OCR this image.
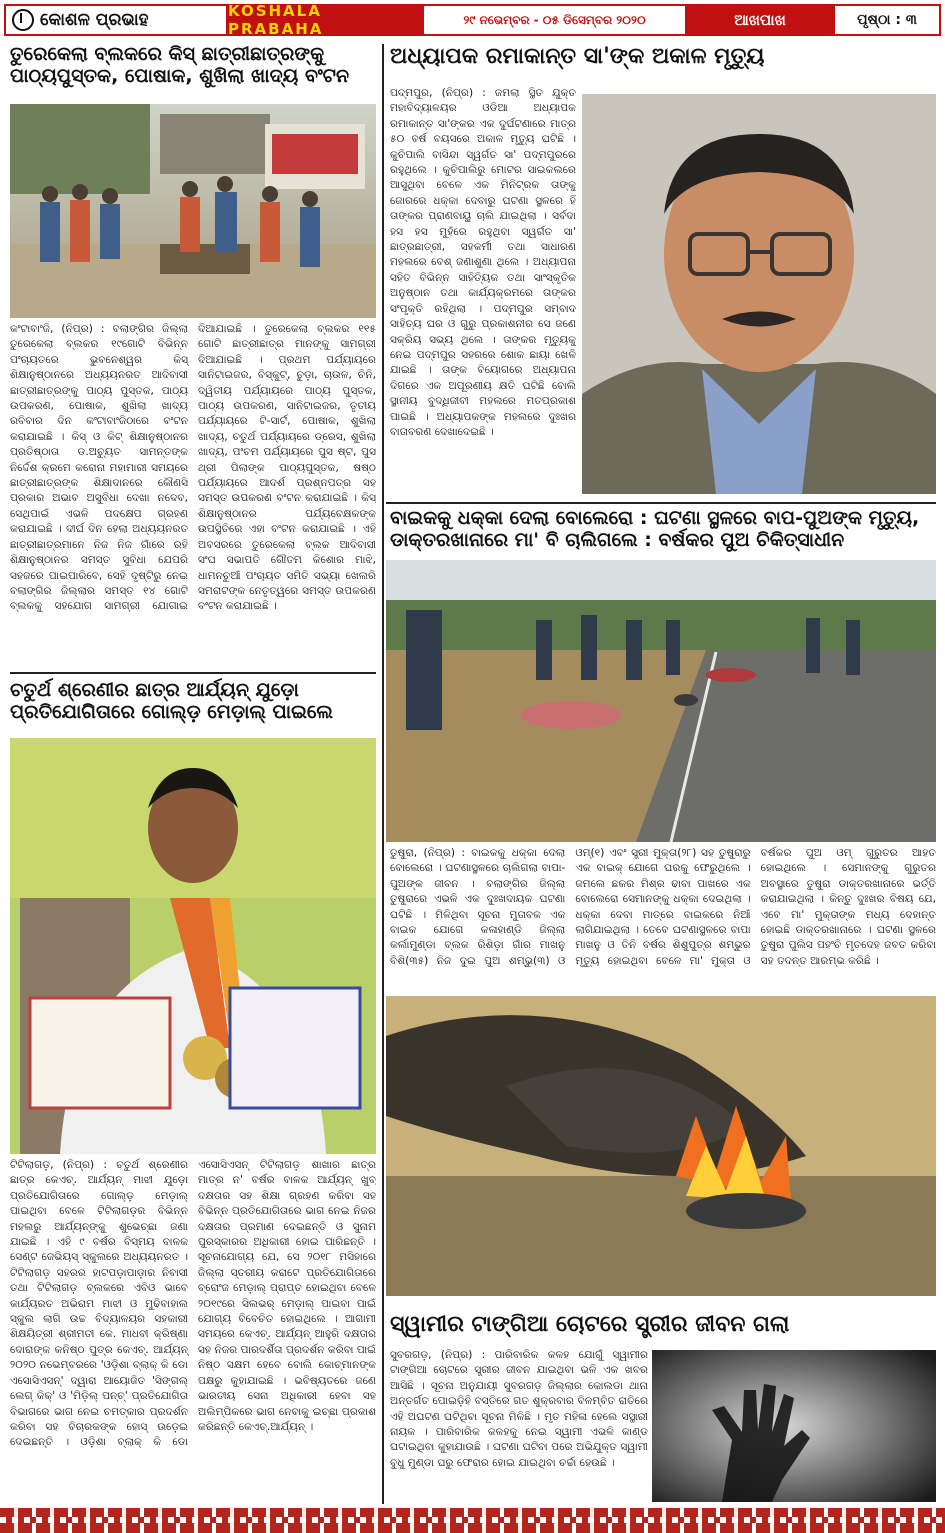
କୋଶଳ ପ୍ରଭାହ	KOSHALA PRABAHA
୨୯ ନଭେମ୍ବର - ୦୫ ଡିସେମ୍ବର ୨୦୨୦	ଆଖପାଖ	ପୃଷ୍ଠା : ୩
ତୁରେକେଲା ବ୍ଲକରେ କିସ୍ ଛାତ୍ରୀଛାତ୍ରଙ୍କୁ ପାଠ୍ୟପୁସ୍ତକ, ପୋଷାକ, ଶୁଖିଲା ଖାଦ୍ୟ ବଂଟନ
କଂଟାବାଂଜି, (ନିପ୍ର) : ବଲାଙ୍ଗିର ଜିଲ୍ଲା ତୁରେକେଲା ବ୍ଲକର ୧୯ଗୋଟି ବିଭିନ୍ନ ପଂଚାୟତରେ ଭୁବନେଶ୍ୱର କିସ୍ ଶିକ୍ଷାନୁଷ୍ଠାନରେ ଅଧ୍ୟୟନରତ ଆଦିବାସୀ ଛାତ୍ରୀଛାତ୍ରଙ୍କୁ ପାଠ୍ୟ ପୁସ୍ତକ, ପାଠ୍ୟ ଉପକରଣ, ପୋଷାକ, ଶୁଖିଲା ଖାଦ୍ୟ ରବିବାର ଦିନ କଂଟାବାଂଜିଠାରେ ବଂଟନ କରାଯାଇଛି । କିସ୍ ଓ କିଟ୍ ଶିକ୍ଷାନୁଷ୍ଠାନର ପ୍ରତିଷ୍ଠାତା ଡ.ଅଚ୍ୟୁତ ସାମନ୍ତଙ୍କ ନିର୍ଦ୍ଦେଶ କ୍ରମେ କରୋନା ମହାମାରୀ ସମୟରେ ଛାତ୍ରୀଛାତ୍ରଙ୍କ ଶିକ୍ଷାଦାନରେ କୌଣସି ପ୍ରକାର ଅଭାବ ଅସୁବିଧା ଦେଖା ନଦେବ, ସେଥିପାଇଁ ଏଭଳି ପଦକ୍ଷେପ ଗ୍ରହଣ କରାଯାଇଛି । ଦୀର୍ଘ ଦିନ ହେଲା ଅଧ୍ୟୟନରତ ଛାତ୍ରୀଛାତ୍ରମାନେ ନିଜ ନିଜ ଗାଁରେ ରହି ଶିକ୍ଷାନୁଷ୍ଠାନର ସମସ୍ତ ସୁବିଧା ଯେପରି ସହଜରେ ପାଇପାରିବେ, ସେହି ଦୃଷ୍ଟିରୁ ନେଇ ବଲାଙ୍ଗିର ଜିଲ୍ଲାର ସମସ୍ତ ୧୪ ଗୋଟି ବ୍ଲକକୁ ସହଯୋଗ ସାମଗ୍ରୀ ଯୋଗାଇ ଦିଆଯାଇଛି । ତୁରେକେଲା ବ୍ଲକର ୧୧୫ ଗୋଟି ଛାତ୍ରୀଛାତ୍ର ମାନଙ୍କୁ ସାମଗ୍ରୀ ଦିଆଯାଇଛି । ପ୍ରଥମ ପର୍ଯ୍ୟାୟରେ ସାନିଟାଇଜର, ବିସ୍କୁଟ୍, ଚୁଡ଼ା, ଚାଉଳ, ଚିନି, ଦ୍ୱିତୀୟ ପର୍ଯ୍ୟାୟରେ ପାଠ୍ୟ ପୁସ୍ତକ, ପାଠ୍ୟ ଉପକରଣ, ସାନିଟାଇଜର, ତୃତୀୟ ପର୍ଯ୍ୟାୟରେ ଟି-ସାର୍ଟ, ପୋଷାକ, ଶୁଖିଲା ଖାଦ୍ୟ, ଚତୁର୍ଥ ପର୍ଯ୍ୟାୟରେ ଡ୍ରେସ, ଶୁଖିଲା ଖାଦ୍ୟ, ପଂଚମ ପର୍ଯ୍ୟାୟରେ ପୁସ ଷ୍ଟ, ପୁସ ଥ୍ରୀ ପିଲାଙ୍କ ପାଠ୍ୟପୁସ୍ତକ, ଷଷ୍ଠ ପର୍ଯ୍ୟାୟରେ ଆଦର୍ଶ ପ୍ରଶ୍ନପତ୍ର ସହ ସମସ୍ତ ଉପକରଣ ବଂଟନ କରାଯାଇଛି । କିସ୍ ଶିକ୍ଷାନୁଷ୍ଠାନର ପର୍ଯ୍ୟବେକ୍ଷକଙ୍କ ଉପସ୍ଥିତିରେ ଏହା ବଂଟନ କରାଯାଇଛି । ଏହି ଅବସରରେ ତୁରେକେଲା ବ୍ଲକ ଆଦିବାସୀ ସଂଘ ସଭାପତି ଗୌତମ କିଶୋର ମାଝି, ଧାମନଚୁଆଁ ପଂଚାୟତ ସମିତି ସଭ୍ୟା ଖେଲରି ସମରାଟଙ୍କ ନେତୃତ୍ୱରେ ସମସ୍ତ ଉପକରଣ ବଂଟନ କରାଯାଇଛି ।
ଅଧ୍ୟାପକ ରମାକାନ୍ତ ସା'ଙ୍କ ଅକାଳ ମୃତ୍ୟୁ
ପଦ୍ମପୁର, (ନିପ୍ର) : ଜମଲା ସ୍ଥିତ ଯୁକ୍ତ ମହାବିଦ୍ୟାଳୟର ଓଡିଆ ଅଧ୍ୟାପକ ରମାକାନ୍ତ ସା'ଙ୍କର ଏକ ଦୁର୍ଘଟଣାରେ ମାତ୍ର ୫୦ ବର୍ଷ ବୟସରେ ଅକାଳ ମୃତ୍ୟୁ ଘଟିଛି । କୁଚିପାଲି ବାସିନ୍ଦା ସ୍ୱର୍ଗତ ସା' ପଦ୍ମପୁରରେ ରହୁଥିଲେ । କୁଚିପାଲିରୁ ମୋଟର ସାଇକଲରେ ଆସୁଥିବା ବେଳେ ଏକ ମିନିଟ୍ରକ ତାଙ୍କୁ ଜୋରରେ ଧକ୍କା ଦେବାରୁ ଘଟଣା ସ୍ଥଳରେ ହିଁ ତାଙ୍କର ପ୍ରାଣବାୟୁ ଚାଲି ଯାଇଥିଲା । ସର୍ବଦା ହସ ହସ ମୁହଁରେ ରହୁଥିବା ସ୍ୱର୍ଗତ ସା' ଛାତ୍ରଛାତ୍ରୀ, ସହକର୍ମୀ ତଥା ସାଧାରଣ ମହଲରେ ବେଶ୍ ଜଣାଶୁଣା ଥିଲେ । ଅଧ୍ୟାପନା ସହିତ ବିଭିନ୍ନ ସାହିତ୍ୟିକ ତଥା ସାଂସ୍କୃତିକ ଅନୁଷ୍ଠାନ ତଥା କାର୍ଯ୍ୟକ୍ରମରେ ତାଙ୍କର ସଂପୃକ୍ତି ରହିଥିଲା । ପଦ୍ମପୁର ସମ୍ବାଦ ସାହିତ୍ୟ ଘର ଓ ଗୁରୁ ପ୍ରକାଶନୀର ସେ ଜଣେ ସକ୍ରିୟ ସଭ୍ୟ ଥିଲେ । ତାଙ୍କର ମୃତ୍ୟୁକୁ ନେଇ ପଦ୍ମପୁର ସହରରେ ଶୋକ ଛାୟା ଖେଳି ଯାଇଛି । ତାଙ୍କ ବିୟୋଗରେ ଅଧ୍ୟାପନା ଦିଗରେ ଏକ ଅପୂରଣୀୟ କ୍ଷତି ଘଟିଛି ବୋଲି ସ୍ଥାନୀୟ ବୁଦ୍ଧିଜୀବୀ ମହଲରେ ମତପ୍ରକାଶ ପାଇଛି । ଅଧ୍ୟାପକଙ୍କ ମହଲରେ ଦୁଃଖର ବାତାବରଣ ଦେଖାଦେଇଛି ।
ବାଇକକୁ ଧକ୍କା ଦେଲା ବୋଲେରୋ : ଘଟଣା ସ୍ଥଳରେ ବାପ-ପୁଅଙ୍କ ମୃତ୍ୟୁ, ଡାକ୍ତରଖାନାରେ ମା' ବି ଚାଲିଗଲେ : ବର୍ଷକର ପୁଅ ଚିକିତ୍ସାଧୀନ
ତୁଷୁରା, (ନିପ୍ର) : ବାଇକକୁ ଧକ୍କା ଦେଲା ବୋଲେରୋ । ଘଟଣାସ୍ଥଳରେ ଚାଲିଗଲା ବାପା-ପୁଅଙ୍କ ଜୀବନ । ବଲାଙ୍ଗିର ଜିଲ୍ଲା ତୁଷୁରାରେ ଏଭଳି ଏକ ଦୁଃଖଦାୟକ ଘଟଣା ଘଟିଛି । ମିଳିଥିବା ସୂଚନା ମୁତାବକ ଏକ ବାଇକ ଯୋଗେ କଳାହାଣ୍ଡି ଜିଲ୍ଲା କର୍ଲାମୁଣ୍ଡା ବ୍ଲକ ରିଶିଡ଼ା ଗାଁର ମାଖନୁ ବିଶି(୩୫) ନିଜ ଦୁଇ ପୁଅ ଶମ୍ଭୁ(୩) ଓ ଓମ୍(୧) ଏବଂ ସ୍ତ୍ରୀ ମୁକ୍ତା(୨୮) ସହ ତୁଷୁରାରୁ ଏକ ବାଇକ୍ ଯୋଗେ ଘରକୁ ଫେରୁଥିଲେ । ଜମଲେ ଛକର ମିଶ୍ର ଢାବା ପାଖରେ ଏକ ବୋଲେରୋ ସେମାନଙ୍କୁ ଧକ୍କା ଦେଇଥିଲା । ଧକ୍କା ଦେବା ମାତ୍ରେ ବାଇକରେ ନିଆଁ ଲାଗିଯାଇଥିଲା । ତେବେ ଘଟଣାସ୍ଥଳରେ ବାପା ମାଖନୁ ଓ ତିନି ବର୍ଷର ଶିଶୁପୁତ୍ର ଶମ୍ଭୁର ମୃତ୍ୟୁ ହୋଇଥିବା ବେଳେ ମା' ମୁକ୍ତା ଓ ବର୍ଷକର ପୁଅ ଓମ୍ ଗୁରୁତର ଆହତ ହୋଇଥିଲେ । ସେମାନଙ୍କୁ ଗୁରୁତର ଅବସ୍ଥାରେ ତୁଷୁରା ଡାକ୍ତରଖାନାରେ ଭର୍ତ୍ତି କରାଯାଇଥିଲା । କିନ୍ତୁ ଦୁଃଖର ବିଷୟ ଯେ, ଏବେ ମା' ମୁକ୍ତାଙ୍କ ମଧ୍ୟ ଦେହାନ୍ତ ହୋଇଛି ଡାକ୍ତରଖାନାରେ । ଘଟଣା ସ୍ଥଳରେ ତୁଷୁରା ପୁଲିସ ପହଂଚି ମୃତଦେହ ଜବତ କରିବା ସହ ତଦନ୍ତ ଆରମ୍ଭ କରିଛି ।
ଚତୁର୍ଥ ଶ୍ରେଣୀର ଛାତ୍ର ଆର୍ଯ୍ୟନ୍ ଯୁଡ଼ୋ ପ୍ରତିଯୋଗିତାରେ ଗୋଲ୍ଡ଼ ମେଡ଼ାଲ୍ ପାଇଲେ
ଟିଟିଲାଗଡ଼, (ନିପ୍ର) : ଚତୁର୍ଥ ଶ୍ରେଣୀର ଛାତ୍ର କେଏଚ୍. ଆର୍ଯ୍ୟନ୍ ମାଝୀ ଯୁଡ଼ୋ ପ୍ରତିଯୋଗିତାରେ ଗୋଲ୍ଡ଼ ମେଡ଼ାଲ୍ ପାଇଥିବା ବେଳେ ଟିଟିଲାଗଡ଼ର ବିଭିନ୍ନ ମହଲରୁ ଆର୍ଯ୍ୟନ୍‌ଙ୍କୁ ଶୁଭେଚ୍ଛା ଜଣା ଯାଇଛି । ଏହି ୯ ବର୍ଷର ବିସ୍ମୟ ବାଳକ ସେଣ୍ଟ ଜେଭିୟସ୍ ସ୍କୁଲରେ ଅଧ୍ୟୟନରତ । ଟିଟିଲାଗଡ଼ ସହରର ହାଟପଡ଼ାପାଡ଼ାର ନିବାସୀ ତଥା ଟିଟିଲାଗଡ଼ ବ୍ଲକରେ ଏବିଓ ଭାବେ କାର୍ଯ୍ୟରତ ଅଭିରାମ ମାଝୀ ଓ ମୁଢିବାହାଲ ସ୍କୁଲ ଲାଗି ଉଚ୍ଚ ବିଦ୍ୟାଳୟର ସହକାରୀ ଶିକ୍ଷୟିତ୍ରୀ ଶ୍ରୀମତୀ କେ. ମାଧବୀ କ୍ରିଷ୍ଣା ଦୋରାଙ୍କ କନିଷ୍ଠ ପୁତ୍ର କେଏଚ୍. ଆର୍ଯ୍ୟନ୍ ୨୦୨୦ ନଭେମ୍ବରରେ 'ଓଡ଼ିଶା ବ୍ଲାକ୍ କି ଡୋ ଏସୋସିଏସନ୍' ଦ୍ୱାରା ଆୟୋଜିତ 'ସିଙ୍ଗଲ୍ ଲେଗ୍ କିକ୍' ଓ 'ମିଡ଼ିଲ୍ ପନ୍ଚ୍' ପ୍ରତିଯୋଗିତା ବିଭାଗରେ ଭାଗ ନେଇ ଚମତ୍କାର ପ୍ରଦର୍ଶନ କରିବା ସହ ବିଚାରକଙ୍କ ହୋସ୍ ଉଡ଼େଇ ଦେଇଛନ୍ତି । ଓଡ଼ିଶା ବ୍ଲାକ୍ କି ଡୋ ଏସୋସିଏସନ୍ ଟିଟିଲାଗଡ଼ ଶାଖାର ଛାତ୍ର ମାତ୍ର ନ' ବର୍ଷର ବାଳକ ଆର୍ଯ୍ୟନ୍ ଖୁବ୍ ଦକ୍ଷତାର ସହ ଶିକ୍ଷା ଗ୍ରହଣ କରିବା ସହ ବିଭିନ୍ନ ପ୍ରତିଯୋଗିତାରେ ଭାଗ ନେଇ ନିଜର ଦକ୍ଷତାର ପ୍ରମାଣ ଦେଇଛନ୍ତି ଓ ସୁନାମ ପୁରସ୍କାରର ଅଧିକାରୀ ହୋଇ ପାରିଛନ୍ତି । ସୂଚନାଯୋଗ୍ୟ ଯେ, ସେ ୨୦୧୮ ମସିହାରେ ଜିଲ୍ଲା ସ୍ତରୀୟ କରାଟେ ପ୍ରତିଯୋଗିତାରେ ବ୍ରୋଂଜ ମେଡ଼ାଲ୍ ପ୍ରାପ୍ତ ହୋଇଥିବା ବେଳେ ୨୦୧୯ରେ ସିଲଭର୍ ମେଡ଼ାଲ୍ ପାଇବା ପାଇଁ ଯୋଗ୍ୟ ବିବେଚିତ ହୋଇଥିଲେ । ଆଗାମୀ ସମୟରେ କେଏଚ୍. ଆର୍ଯ୍ୟନ୍ ଆହୁରି ଦକ୍ଷତାର ସହ ନିଜର ପାରଦର୍ଶିତା ପ୍ରଦର୍ଶନ କରିବା ପାଇଁ ନିଷ୍ଠ ସକ୍ଷମ ହେବେ ବୋଲି କୋଚ୍‌ମାନଙ୍କ ପକ୍ଷରୁ କୁହାଯାଇଛି । ଭବିଷ୍ୟତରେ ଜଣେ ଭାରତୀୟ ସେନା ଅଧିକାରୀ ହେବା ସହ ଅଲିମ୍ପିକରେ ଭାଗ ନେବାକୁ ଇଚ୍ଛା ପ୍ରକାଶ କରିଛନ୍ତି କେଏଚ୍.ଆର୍ଯ୍ୟନ୍ ।
ସ୍ୱାମୀର ଟାଙ୍ଗିଆ ଚୋଟରେ ସ୍ତ୍ରୀର ଜୀବନ ଗଲା
ସୁବରଗଡ଼, (ନିପ୍ର) : ପାରିବାରିକ କଳହ ଯୋଗୁଁ ସ୍ୱାମୀର ଟାଙ୍ଗିଆ ଚୋଟରେ ସ୍ତ୍ରୀର ଜୀବନ ଯାଇଥିବା ଭଳି ଏକ ଖବର ଆସିଛି । ସୂଚନା ଅନୁଯାୟୀ ସୁବରଗଡ଼ ଜିଲ୍ଲାର କୋଲଡା ଥାନା ଅନ୍ତର୍ଗତ ପୋଇଡ଼ିହି ବସ୍ତିରେ ଗତ ଶୁକ୍ରବାର ବିଳମ୍ବିତ ରାତିରେ ଏହି ଅଘଟଣ ଘଟିଥିବା ସୂଚନା ମିଳିଛି । ମୃତ ମହିଳା ହେଲେ ସସ୍ଥାରୀ ନାୟକ । ପାରିବାରିକ କଳହକୁ ନେଇ ସ୍ୱାମୀ ଏଭଳି କାଣ୍ଡ ଘଟାଇଥିବା କୁହାଯାଉଛି । ଘଟଣା ଘଟିବା ପରେ ଅଭିଯୁକ୍ତ ସ୍ୱାମୀ ବୁଧୁ ମୁଣ୍ଡା ଘରୁ ଫେରାର ହୋଇ ଯାଇଥିବା ଚର୍ଚ୍ଚା ହେଉଛି ।
